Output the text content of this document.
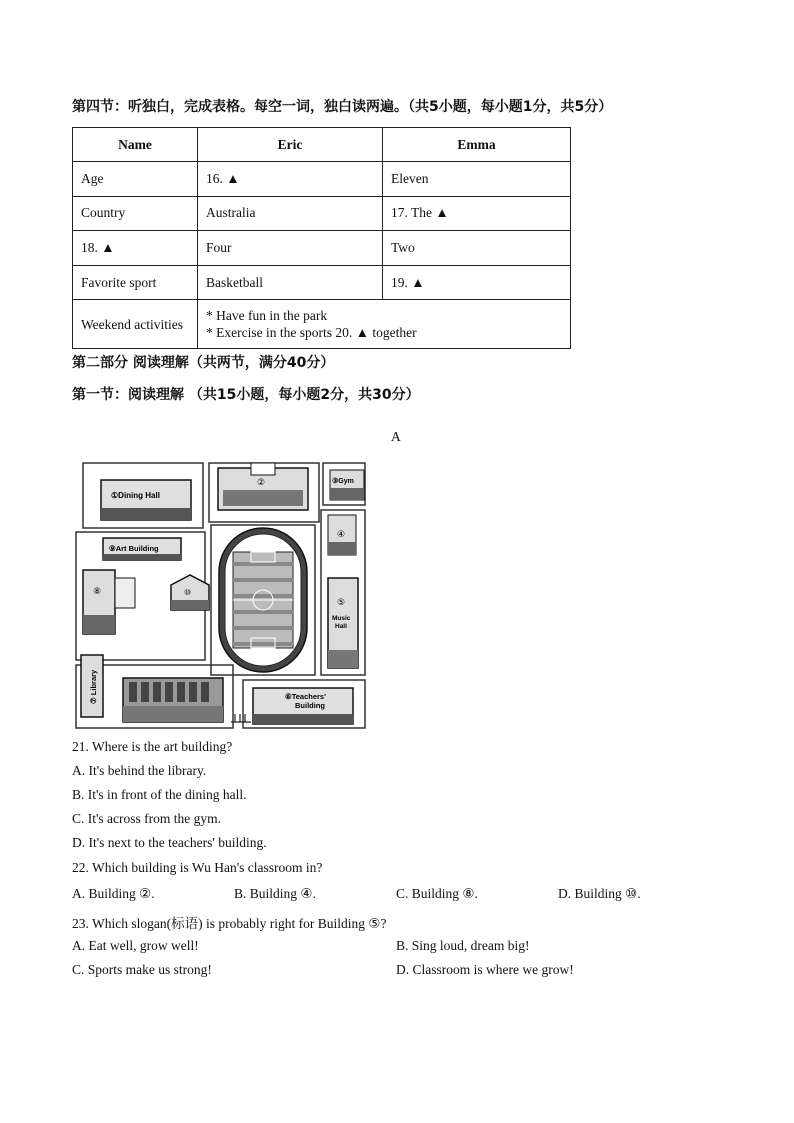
第四节：听独白，完成表格。每空一词，独白读两遍。（共5小题，每小题1分，共5分）
Name	Eric	Emma
Age	16. ▲	Eleven
Country	Australia	17. The ▲
18. ▲	Four	Two
Favorite sport	Basketball	19. ▲
Weekend activities	* Have fun in the park
* Exercise in the sports 20. ▲ together	
第二部分 阅读理解（共两节，满分40分）
第一节：阅读理解 （共15小题，每小题2分，共30分）
A
①Dining Hall
②	③Gym
④
⑤
Music
Hall
⑨Art Building
⑧	⑩
⑦ Library	⑥Teachers'
Building
21. Where is the art building?
A. It's behind the library.
B. It's in front of the dining hall.
C. It's across from the gym.
D. It's next to the teachers' building.
22. Which building is Wu Han's classroom in?
A. Building ②.	B. Building ④.	C. Building ⑧.	D. Building ⑩.
23. Which slogan(标语) is probably right for Building ⑤?
A. Eat well, grow well!	B. Sing loud, dream big!
C. Sports make us strong!	D. Classroom is where we grow!
